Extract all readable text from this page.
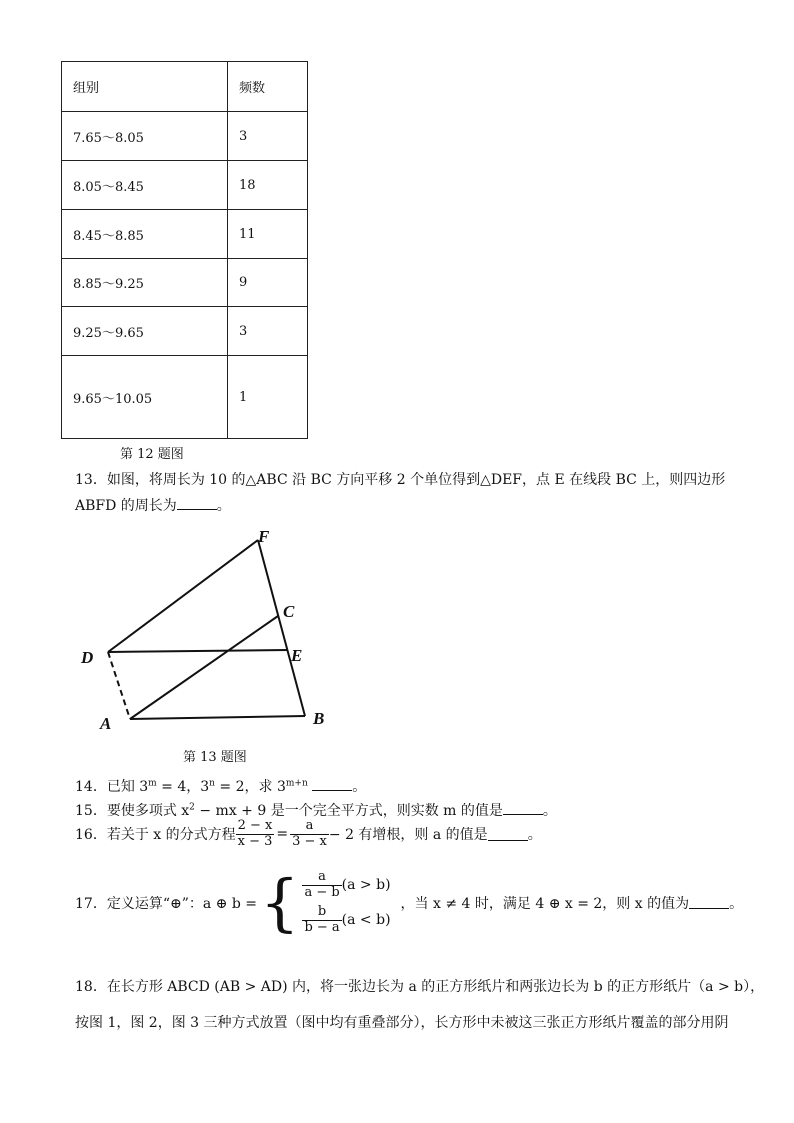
组别	频数
7.65～8.05	3
8.05～8.45	18
8.45～8.85	11
8.85～9.25	9
9.25～9.65	3
9.65～10.05	1
第 12 题图
13．如图，将周长为 10 的△ABC 沿 BC 方向平移 2 个单位得到△DEF，点 E 在线段 BC 上，则四边形
ABFD 的周长为	。
F
C
D	E
A	B
第 13 题图
14．已知 $3^m = 4$，$3^n = 2$，求 $3^{m+n}$	。
15．要使多项式 $x^2$ − mx + 9 是一个完全平方式，则实数 m 的值是	。
16．若关于 x 的分式方程 $\frac{2 - x}{x - 3} = \frac{a}{3 - x} - 2$ 有增根，则 a 的值是	。
17．定义运算“⊕”：a ⊕ b = { $\frac{a}{a - b} (a > b)$
$\frac{b}{b - a} (a < b)$
，当 x ≠ 4 时，满足 4 ⊕ x = 2，则 x 的值为	。
18．在长方形 ABCD (AB > AD) 内，将一张边长为 a 的正方形纸片和两张边长为 b 的正方形纸片（a > b），
按图 1，图 2，图 3 三种方式放置（图中均有重叠部分），长方形中未被这三张正方形纸片覆盖的部分用阴
